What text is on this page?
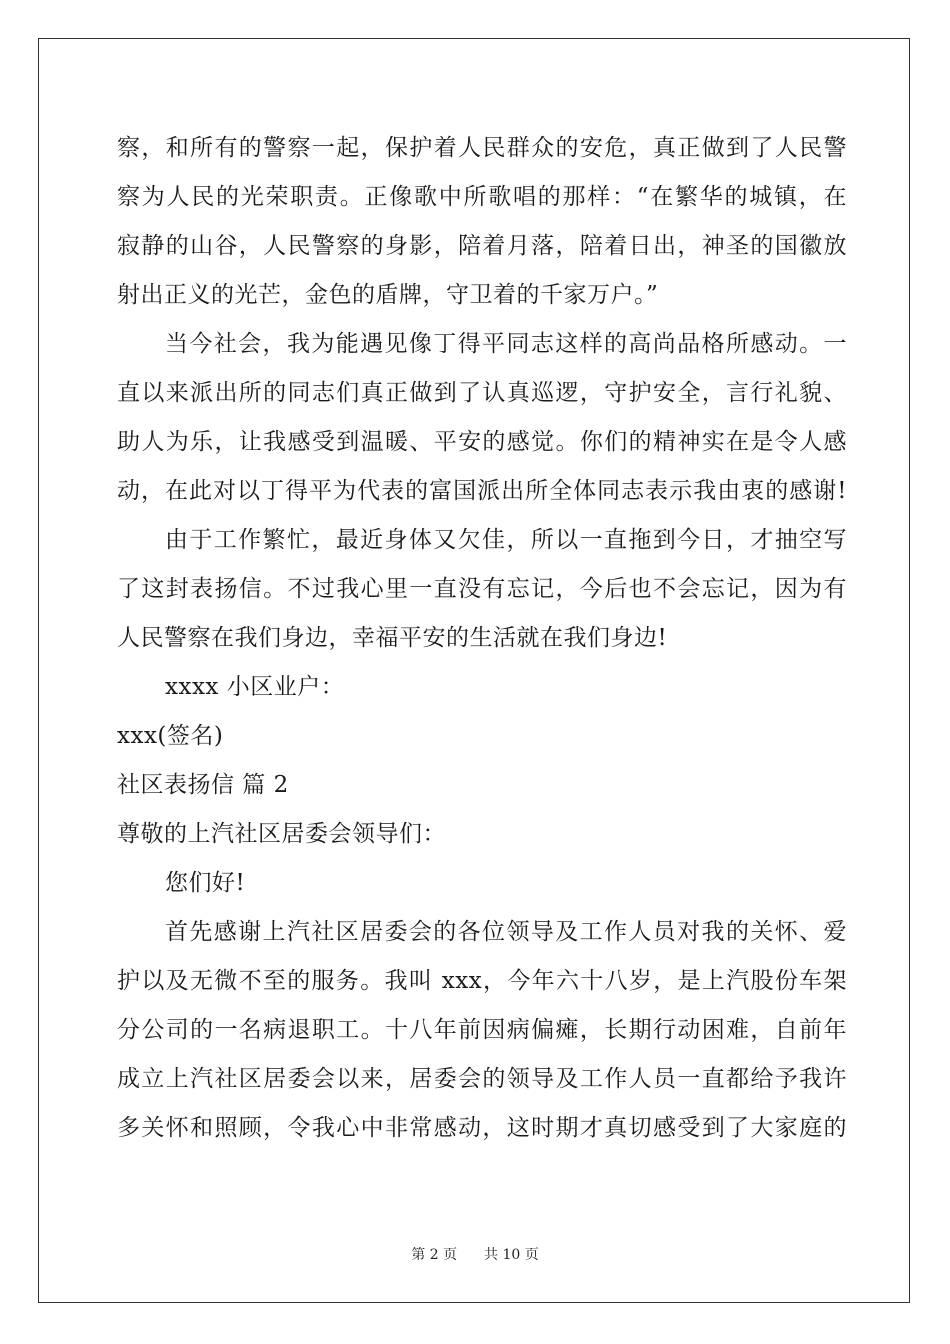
察，和所有的警察一起，保护着人民群众的安危，真正做到了人民警
察为人民的光荣职责。正像歌中所歌唱的那样：“在繁华的城镇，在
寂静的山谷，人民警察的身影，陪着月落，陪着日出，神圣的国徽放
射出正义的光芒，金色的盾牌，守卫着的千家万户。”
当今社会，我为能遇见像丁得平同志这样的高尚品格所感动。一
直以来派出所的同志们真正做到了认真巡逻，守护安全，言行礼貌、
助人为乐，让我感受到温暖、平安的感觉。你们的精神实在是令人感
动，在此对以丁得平为代表的富国派出所全体同志表示我由衷的感谢!
由于工作繁忙，最近身体又欠佳，所以一直拖到今日，才抽空写
了这封表扬信。不过我心里一直没有忘记，今后也不会忘记，因为有
人民警察在我们身边，幸福平安的生活就在我们身边!
xxxx 小区业户：
xxx(签名)
社区表扬信 篇 2
尊敬的上汽社区居委会领导们：
您们好!
首先感谢上汽社区居委会的各位领导及工作人员对我的关怀、爱
护以及无微不至的服务。我叫 xxx，今年六十八岁，是上汽股份车架
分公司的一名病退职工。十八年前因病偏瘫，长期行动困难，自前年
成立上汽社区居委会以来，居委会的领导及工作人员一直都给予我许
多关怀和照顾，令我心中非常感动，这时期才真切感受到了大家庭的
第 2 页 共 10 页
